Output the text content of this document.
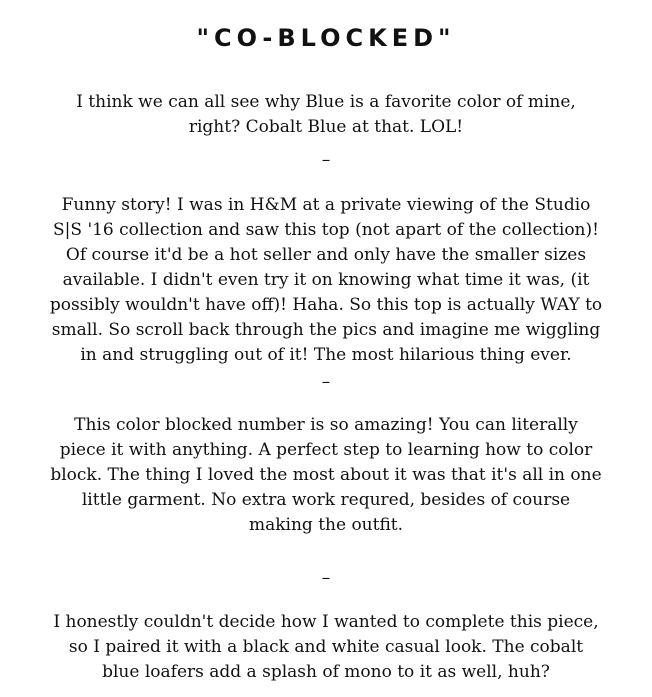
"CO-BLOCKED"

I think we can all see why Blue is a favorite color of mine,
right? Cobalt Blue at that. LOL!

–

Funny story! I was in H&M at a private viewing of the Studio
S|S '16 collection and saw this top (not apart of the collection)!
Of course it'd be a hot seller and only have the smaller sizes
available. I didn't even try it on knowing what time it was, (it
possibly wouldn't have off)! Haha. So this top is actually WAY to
small. So scroll back through the pics and imagine me wiggling
in and struggling out of it! The most hilarious thing ever.

–

This color blocked number is so amazing! You can literally
piece it with anything. A perfect step to learning how to color
block. The thing I loved the most about it was that it's all in one
little garment. No extra work requred, besides of course
making the outfit.

–

I honestly couldn't decide how I wanted to complete this piece,
so I paired it with a black and white casual look. The cobalt
blue loafers add a splash of mono to it as well, huh?
